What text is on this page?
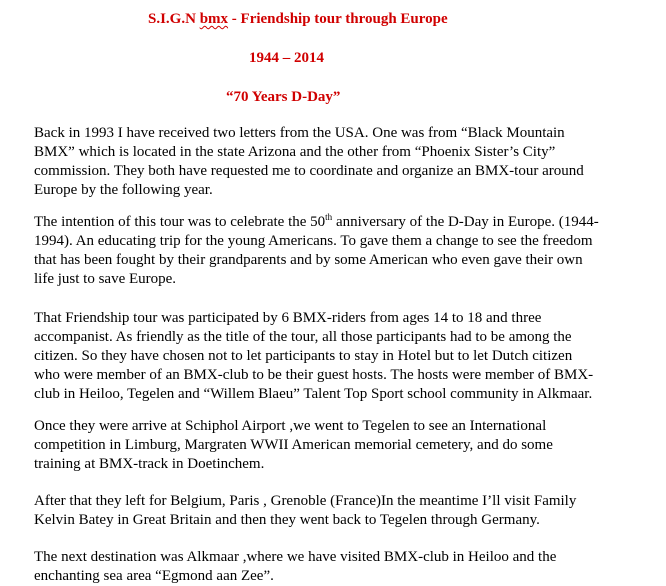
S.I.G.N bmx - Friendship tour through Europe
1944 – 2014
“70 Years D-Day”

Back in 1993 I have received two letters from the USA. One was from “Black Mountain
BMX” which is located in the state Arizona and the other from “Phoenix Sister’s City”
commission. They both have requested me to coordinate and organize an BMX-tour around
Europe by the following year.

The intention of this tour was to celebrate the 50th anniversary of the D-Day in Europe. (1944-
1994). An educating trip for the young Americans. To gave them a change to see the freedom
that has been fought by their grandparents and by some American who even gave their own
life just to save Europe.

That Friendship tour was participated by 6 BMX-riders from ages 14 to 18 and three
accompanist. As friendly as the title of the tour, all those participants had to be among the
citizen. So they have chosen not to let participants to stay in Hotel but to let Dutch citizen
who were member of an BMX-club to be their guest hosts. The hosts were member of BMX-
club in Heiloo, Tegelen and “Willem Blaeu” Talent Top Sport school community in Alkmaar.

Once they were arrive at Schiphol Airport ,we went to Tegelen to see an International
competition in Limburg, Margraten WWII American memorial cemetery, and do some
training at BMX-track in Doetinchem.

After that they left for Belgium, Paris , Grenoble (France)In the meantime I’ll visit Family
Kelvin Batey in Great Britain and then they went back to Tegelen through Germany.

The next destination was Alkmaar ,where we have visited BMX-club in Heiloo and the
enchanting sea area “Egmond aan Zee”.
